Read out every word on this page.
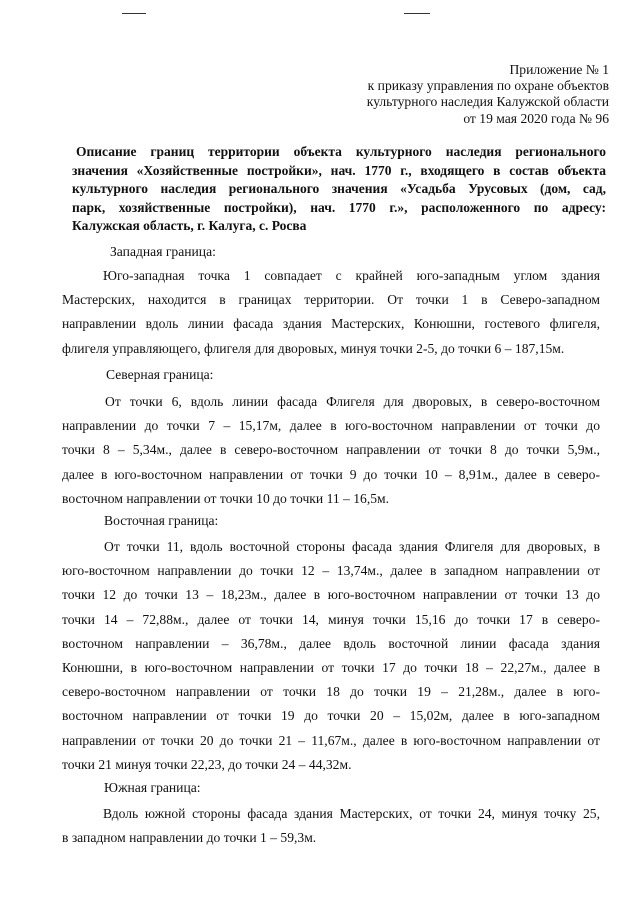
Приложение № 1
к приказу управления по охране объектов
культурного наследия Калужской области
от 19 мая 2020 года № 96
Описание границ территории объекта культурного наследия регионального
значения «Хозяйственные постройки», нач. 1770 г., входящего в состав объекта
культурного наследия регионального значения «Усадьба Урусовых (дом, сад,
парк, хозяйственные постройки), нач. 1770 г.», расположенного по адресу:
Калужская область, г. Калуга, с. Росва
Западная граница:
Юго-западная точка 1 совпадает с крайней юго-западным углом здания
Мастерских, находится в границах территории. От точки 1 в Северо-западном
направлении вдоль линии фасада здания Мастерских, Конюшни, гостевого флигеля,
флигеля управляющего, флигеля для дворовых, минуя точки 2-5, до точки 6 – 187,15м.
Северная граница:
От точки 6, вдоль линии фасада Флигеля для дворовых, в северо-восточном
направлении до точки 7 – 15,17м, далее в юго-восточном направлении от точки до
точки 8 – 5,34м., далее в северо-восточном направлении от точки 8 до точки 5,9м.,
далее в юго-восточном направлении от точки 9 до точки 10 – 8,91м., далее в северо-
восточном направлении от точки 10 до точки 11 – 16,5м.
Восточная граница:
От точки 11, вдоль восточной стороны фасада здания Флигеля для дворовых, в
юго-восточном направлении до точки 12 – 13,74м., далее в западном направлении от
точки 12 до точки 13 – 18,23м., далее в юго-восточном направлении от точки 13 до
точки 14 – 72,88м., далее от точки 14, минуя точки 15,16 до точки 17 в северо-
восточном направлении – 36,78м., далее вдоль восточной линии фасада здания
Конюшни, в юго-восточном направлении от точки 17 до точки 18 – 22,27м., далее в
северо-восточном направлении от точки 18 до точки 19 – 21,28м., далее в юго-
восточном направлении от точки 19 до точки 20 – 15,02м, далее в юго-западном
направлении от точки 20 до точки 21 – 11,67м., далее в юго-восточном направлении от
точки 21 минуя точки 22,23, до точки 24 – 44,32м.
Южная граница:
Вдоль южной стороны фасада здания Мастерских, от точки 24, минуя точку 25,
в западном направлении до точки 1 – 59,3м.
